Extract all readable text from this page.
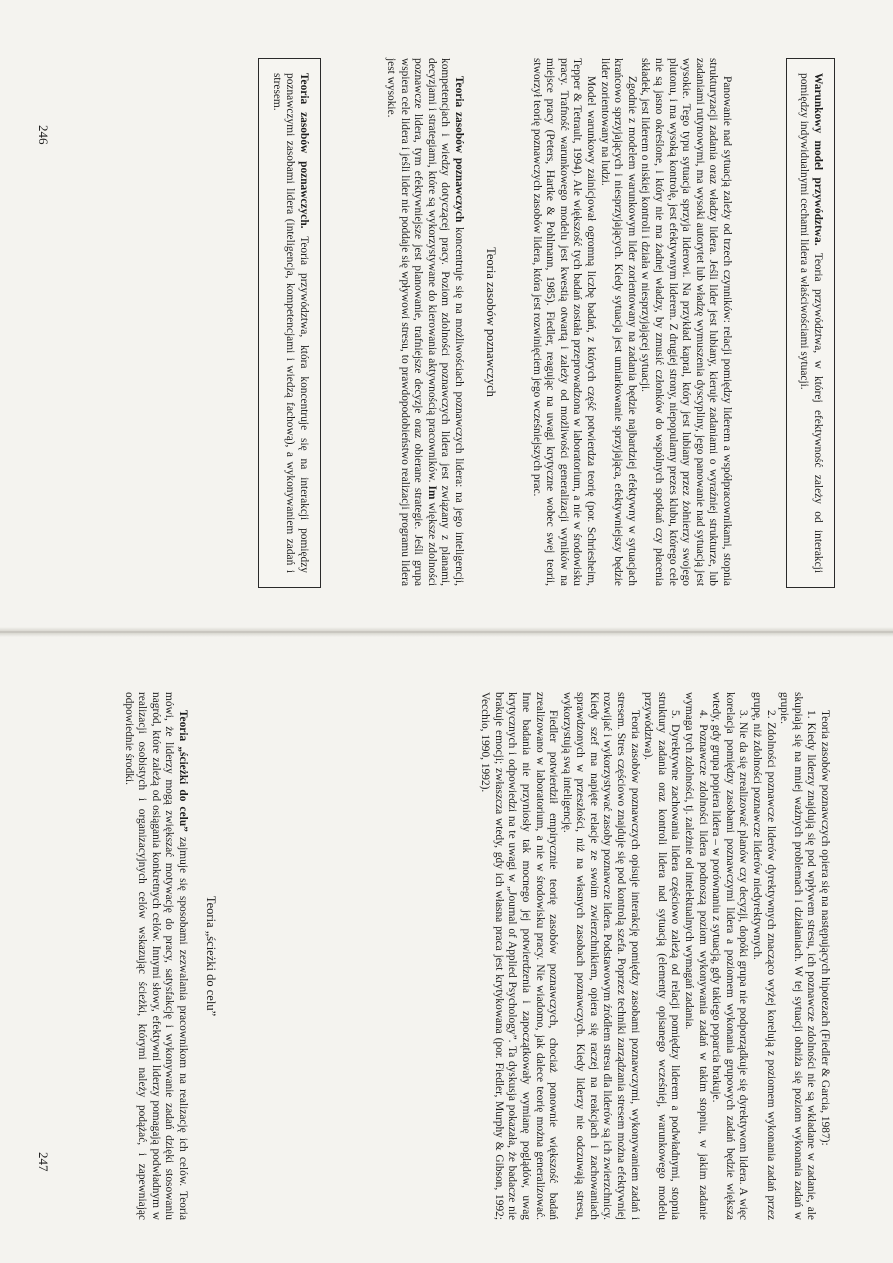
Warunkowy model przywództwa. Teoria przywództwa, w której efektywność zależy od interakcji pomiędzy indywidualnymi cechami lidera a właściwościami sytuacji.

Panowanie nad sytuacją zależy od trzech czynników: relacji pomiędzy liderem a współpracownikami, stopnia strukturyzacji zadania oraz władzy lidera. Jeśli lider jest lubiany, kieruje zadaniami o wyraźniej strukturze, lub zadaniami rutynowymi, ma wysoki autorytet lub władzę wymuszenia dyscypliny, jego panowanie nad sytuacją jest wysokie. Tego typu sytuacja sprzyja liderowi. Na przykład kapral, który jest lubiany przez żołnierzy swojego plutonu, i ma wysoką kontrolę, jest efektywnym liderem. Z drugiej strony, niepopularny prezes klubu, którego cele nie są jasno określone, i który nie ma żadnej władzy, by zmusić członków do wspólnych spotkań czy płacenia składek, jest liderem o niskiej kontroli i działa w niesprzyjającej sytuacji.

Zgodnie z modelem warunkowym lider zorientowany na zadania będzie najbardziej efektywny w sytuacjach krańcowo sprzyjających i niesprzyjających. Kiedy sytuacja jest umiarkowanie sprzyjająca, efektywniejszy będzie lider zorientowany na ludzi.

Model warunkowy zainicjował ogromną liczbę badań, z których część potwierdza teorię (por. Schriesheim, Tepper & Tetrault, 1994). Ale większość tych badań została przeprowadzona w laboratorium, a nie w środowisku pracy. Trafność warunkowego modelu jest kwestią otwartą i zależy od możliwości generalizacji wyników na miejsce pracy (Peters, Hartke & Pohlmann, 1985). Fiedler, reagując na uwagi krytyczne wobec swej teorii, stworzył teorię poznawczych zasobów lidera, która jest rozwinięciem jego wcześniejszych prac.

Teoria zasobów poznawczych

Teoria zasobów poznawczych koncentruje się na możliwościach poznawczych lidera: na jego inteligencji, kompetencjach i wiedzy dotyczącej pracy. Poziom zdolności poznawczych lidera jest związany z planami, decyzjami i strategiami, które są wykorzystywane do kierowania aktywnością pracowników. Im większe zdolności poznawcze lidera, tym efektywniejsze jest planowanie, trafniejsze decyzje oraz obierane strategie. Jeśli grupa wspiera cele lidera i jeśli lider nie poddaje się wpływowi stresu, to prawdopodobieństwo realizacji programu lidera jest wysokie.

Teoria zasobów poznawczych. Teoria przywództwa, która koncentruje się na interakcji pomiędzy poznawczymi zasobami lidera (inteligencja, kompetencjami i wiedzą fachową), a wykonywaniem zadań i stresem.

246

Teoria zasobów poznawczych opiera się na następujących hipotezach (Fiedler & Garcia, 1987):

1. Kiedy liderzy znajdują się pod wpływem stresu, ich poznawcze zdolności nie są wkładane w zadanie, ale skupiają się na mniej ważnych problemach i działaniach. W tej sytuacji obniża się poziom wykonania zadań w grupie.

2. Zdolności poznawcze liderów dyrektywnych znacząco wyżej korelują z poziomem wykonania zadań przez grupę, niż zdolności poznawcze liderów niedyrektywnych.

3. Nie da się zrealizować planów czy decyzji, dopóki grupa nie podporządkuje się dyrektywom lidera. A więc korelacja pomiędzy zasobami poznawczymi lidera a poziomem wykonania grupowych zadań będzie większa wtedy, gdy grupa popiera lidera – w porównaniu z sytuacją, gdy takiego poparcia brakuje.

4. Poznawcze zdolności lidera podnoszą poziom wykonywania zadań w takim stopniu, w jakim zadanie wymaga tych zdolności, tj. zależnie od intelektualnych wymagań zadania.

5. Dyrektywne zachowania lidera częściowo zależą od relacji pomiędzy liderem a podwładnymi, stopnia struktury zadania oraz kontroli lidera nad sytuacją (elementy opisanego wcześniej, warunkowego modelu przywództwa).

Teoria zasobów poznawczych opisuje interakcję pomiędzy zasobami poznawczymi, wykonywaniem zadań i stresem. Stres częściowo znajduje się pod kontrolą szefa. Poprzez techniki zarządzania stresem można efektywniej rozwijać i wykorzystywać zasoby poznawcze lidera. Podstawowym źródłem stresu dla liderów są ich zwierzchnicy. Kiedy szef ma napięte relacje ze swoim zwierzchnikiem, opiera się raczej na reakcjach i zachowaniach sprawdzonych w przeszłości, niż na własnych zasobach poznawczych. Kiedy liderzy nie odczuwają stresu, wykorzystują swą inteligencję.

Fiedler potwierdził empirycznie teorię zasobów poznawczych, chociaż ponownie większość badań zrealizowano w laboratorium, a nie w środowisku pracy. Nie wiadomo, jak dalece teorię można generalizować. Inne badania nie przyniosły tak mocnego jej potwierdzenia i zapoczątkowały wymianę poglądów, uwag krytycznych i odpowiedzi na te uwagi w „Journal of Applied Psychology”. Ta dyskusja pokazała, że badacze nie brakuje emocji; zwłaszcza wtedy, gdy ich własna praca jest krytykowana (por. Fiedler, Murphy & Gibson, 1992; Vecchio, 1990, 1992).

Teoria „ścieżki do celu”

Teoria „ścieżki do celu” zajmuje się sposobami zezwalania pracownikom na realizację ich celów. Teoria mówi, że liderzy mogą zwiększać motywację do pracy, satysfakcję i wykonywanie zadań dzięki stosowaniu nagród, które zależą od osiągania konkretnych celów. Innymi słowy, efektywni liderzy pomagają podwładnym w realizacji osobistych i organizacyjnych celów wskazując ścieżki, którymi należy podążać, i zapewniając odpowiednie środki.

247
